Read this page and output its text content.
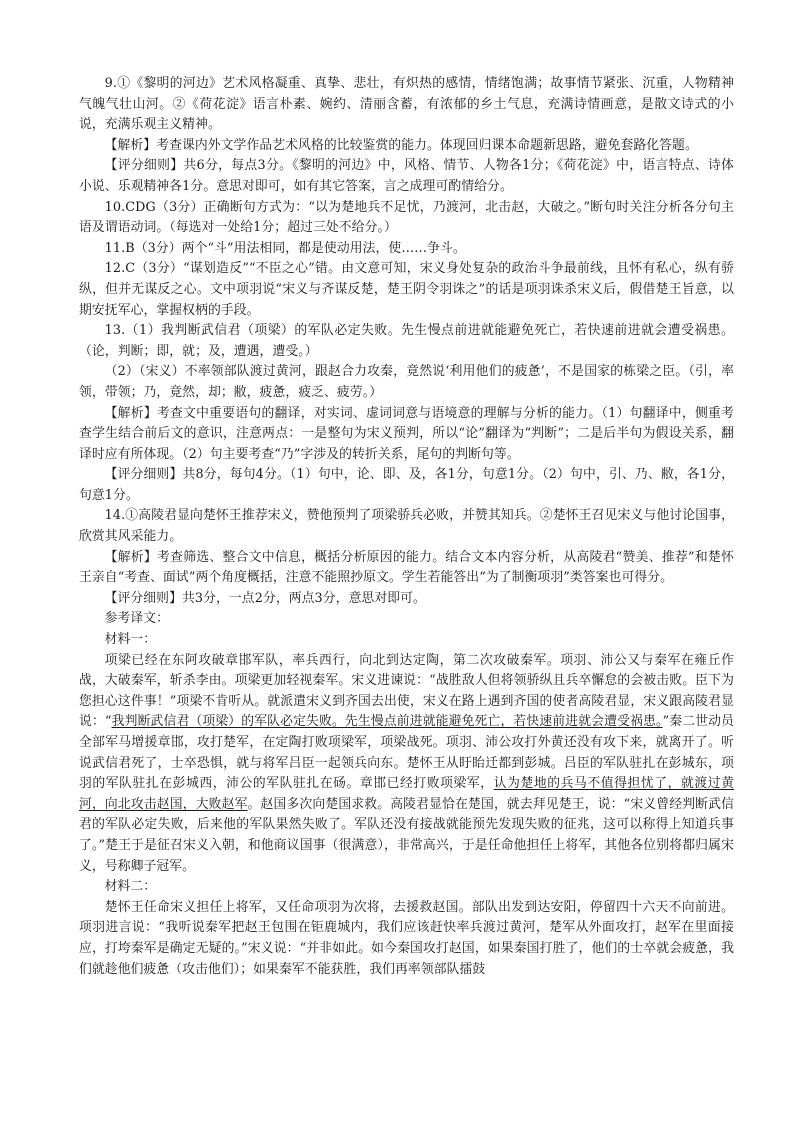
9.①《黎明的河边》艺术风格凝重、真挚、悲壮，有炽热的感情，情绪饱满；故事情节紧张、沉重，人物精神气魄气壮山河。②《荷花淀》语言朴素、婉约、清丽含蓄，有浓郁的乡土气息，充满诗情画意，是散文诗式的小说，充满乐观主义精神。

【解析】考查课内外文学作品艺术风格的比较鉴赏的能力。体现回归课本命题新思路，避免套路化答题。

【评分细则】共6分，每点3分。《黎明的河边》中，风格、情节、人物各1分；《荷花淀》中，语言特点、诗体小说、乐观精神各1分。意思对即可，如有其它答案，言之成理可酌情给分。

10.CDG（3分）正确断句方式为：“以为楚地兵不足忧，乃渡河，北击赵，大破之。”断句时关注分析各分句主语及谓语动词。（每选对一处给1分；超过三处不给分。）

11.B（3分）两个“斗”用法相同，都是使动用法，使……争斗。

12.C（3分）“谋划造反”“不臣之心”错。由文意可知，宋义身处复杂的政治斗争最前线，且怀有私心，纵有骄纵，但并无谋反之心。文中项羽说“宋义与齐谋反楚，楚王阴令羽诛之”的话是项羽诛杀宋义后，假借楚王旨意，以期安抚军心，掌握权柄的手段。

13.（1）我判断武信君（项梁）的军队必定失败。先生慢点前进就能避免死亡，若快速前进就会遭受祸患。（论，判断；即，就；及，遭遇，遭受。）

（2）（宋义）不率领部队渡过黄河，跟赵合力攻秦，竟然说‘利用他们的疲惫’，不是国家的栋梁之臣。（引，率领，带领；乃，竟然，却；敝，疲惫，疲乏、疲劳。）

【解析】考查文中重要语句的翻译，对实词、虚词词意与语境意的理解与分析的能力。（1）句翻译中，侧重考查学生结合前后文的意识，注意两点：一是整句为宋义预判，所以“论”翻译为“判断”；二是后半句为假设关系，翻译时应有所体现。（2）句主要考查“乃”字涉及的转折关系，尾句的判断句等。

【评分细则】共8分，每句4分。（1）句中，论、即、及，各1分，句意1分。（2）句中，引、乃、敝，各1分，句意1分。

14.①高陵君显向楚怀王推荐宋义，赞他预判了项梁骄兵必败，并赞其知兵。②楚怀王召见宋义与他讨论国事，欣赏其风采能力。

【解析】考查筛选、整合文中信息，概括分析原因的能力。结合文本内容分析，从高陵君“赞美、推荐”和楚怀王亲自“考查、面试”两个角度概括，注意不能照抄原文。学生若能答出“为了制衡项羽”类答案也可得分。

【评分细则】共3分，一点2分，两点3分，意思对即可。

参考译文：

材料一：

项梁已经在东阿攻破章邯军队，率兵西行，向北到达定陶，第二次攻破秦军。项羽、沛公又与秦军在雍丘作战，大破秦军，斩杀李由。项梁更加轻视秦军。宋义进谏说：“战胜敌人但将领骄纵且兵卒懈怠的会被击败。臣下为您担心这件事！”项梁不肯听从。就派遣宋义到齐国去出使，宋义在路上遇到齐国的使者高陵君显，宋义跟高陵君显说：“我判断武信君（项梁）的军队必定失败。先生慢点前进就能避免死亡，若快速前进就会遭受祸患。”秦二世动员全部军马增援章邯，攻打楚军，在定陶打败项梁军，项梁战死。项羽、沛公攻打外黄还没有攻下来，就离开了。听说武信君死了，士卒恐惧，就与将军吕臣一起领兵向东。楚怀王从盱眙迁都到彭城。吕臣的军队驻扎在彭城东，项羽的军队驻扎在彭城西，沛公的军队驻扎在砀。章邯已经打败项梁军，认为楚地的兵马不值得担忧了，就渡过黄河，向北攻击赵国，大败赵军。赵国多次向楚国求救。高陵君显恰在楚国，就去拜见楚王，说：“宋义曾经判断武信君的军队必定失败，后来他的军队果然失败了。军队还没有接战就能预先发现失败的征兆，这可以称得上知道兵事了。”楚王于是征召宋义入朝，和他商议国事（很满意），非常高兴，于是任命他担任上将军，其他各位别将都归属宋义，号称卿子冠军。

材料二：

楚怀王任命宋义担任上将军，又任命项羽为次将，去援救赵国。部队出发到达安阳，停留四十六天不向前进。项羽进言说：“我听说秦军把赵王包围在钜鹿城内，我们应该赶快率兵渡过黄河，楚军从外面攻打，赵军在里面接应，打垮秦军是确定无疑的。”宋义说：“并非如此。如今秦国攻打赵国，如果秦国打胜了，他们的士卒就会疲惫，我们就趁他们疲惫（攻击他们）；如果秦军不能获胜，我们再率领部队擂鼓
